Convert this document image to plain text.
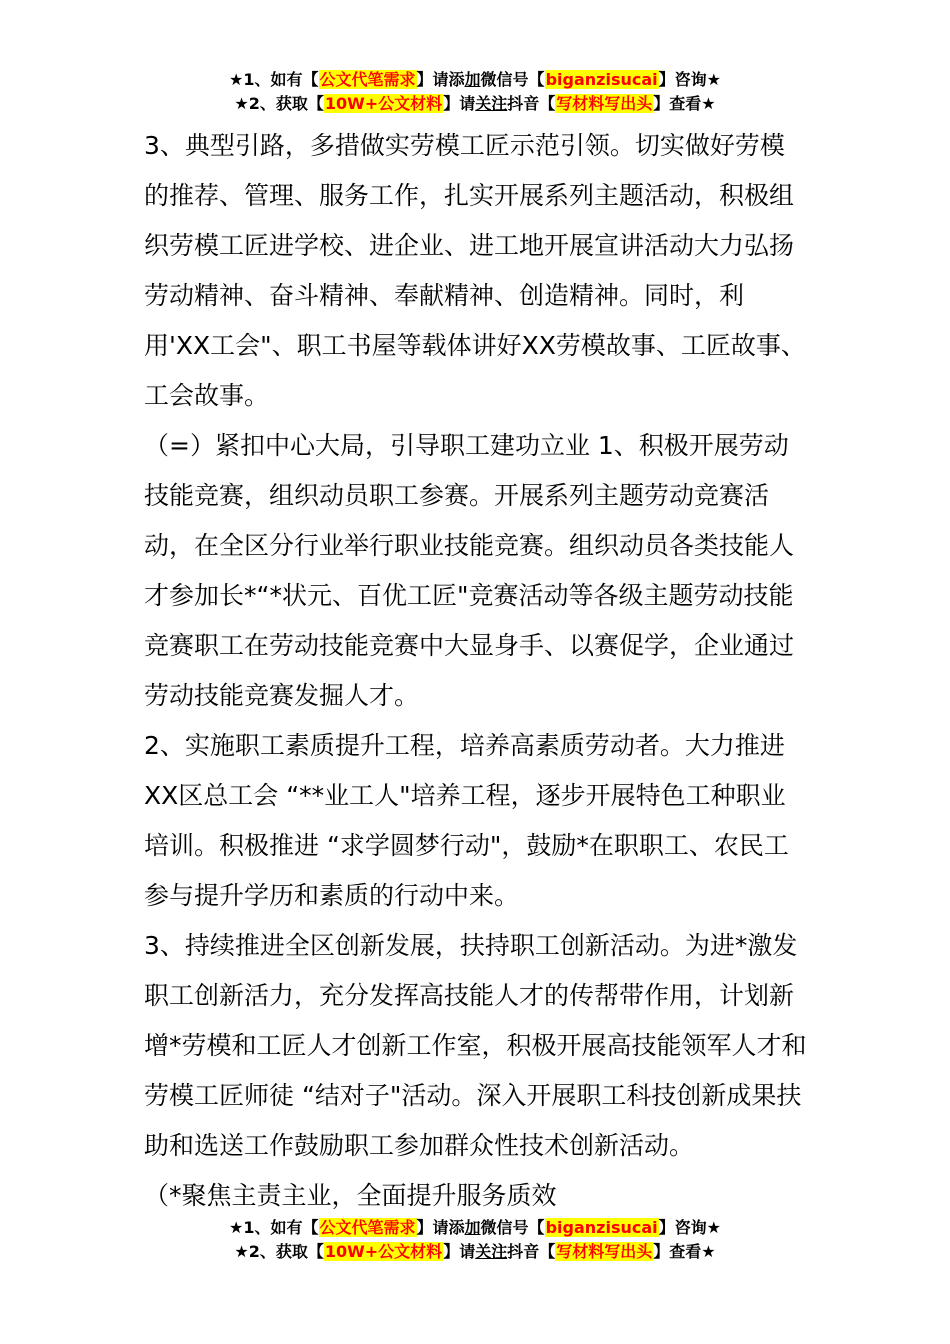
★1、如有【公文代笔需求】请添加微信号【biganzisucai】咨询★
★2、获取【10W+公文材料】请关注抖音【写材料写出头】查看★

3、典型引路，多措做实劳模工匠示范引领。切实做好劳模的推荐、管理、服务工作，扎实开展系列主题活动，积极组织劳模工匠进学校、进企业、进工地开展宣讲活动大力弘扬劳动精神、奋斗精神、奉献精神、创造精神。同时，利用'XX工会"、职工书屋等载体讲好XX劳模故事、工匠故事、工会故事。

（=）紧扣中心大局，引导职工建功立业 1、积极开展劳动技能竞赛，组织动员职工参赛。开展系列主题劳动竞赛活动，在全区分行业举行职业技能竞赛。组织动员各类技能人才参加长*“*状元、百优工匠"竞赛活动等各级主题劳动技能竞赛职工在劳动技能竞赛中大显身手、以赛促学，企业通过劳动技能竞赛发掘人才。

2、实施职工素质提升工程，培养高素质劳动者。大力推进XX区总工会 “**业工人"培养工程，逐步开展特色工种职业培训。积极推进 “求学圆梦行动"，鼓励*在职职工、农民工参与提升学历和素质的行动中来。

3、持续推进全区创新发展，扶持职工创新活动。为进*激发职工创新活力，充分发挥高技能人才的传帮带作用，计划新增*劳模和工匠人才创新工作室，积极开展高技能领军人才和劳模工匠师徒 “结对子"活动。深入开展职工科技创新成果扶助和选送工作鼓励职工参加群众性技术创新活动。

（*聚焦主责主业，全面提升服务质效

★1、如有【公文代笔需求】请添加微信号【biganzisucai】咨询★
★2、获取【10W+公文材料】请关注抖音【写材料写出头】查看★
